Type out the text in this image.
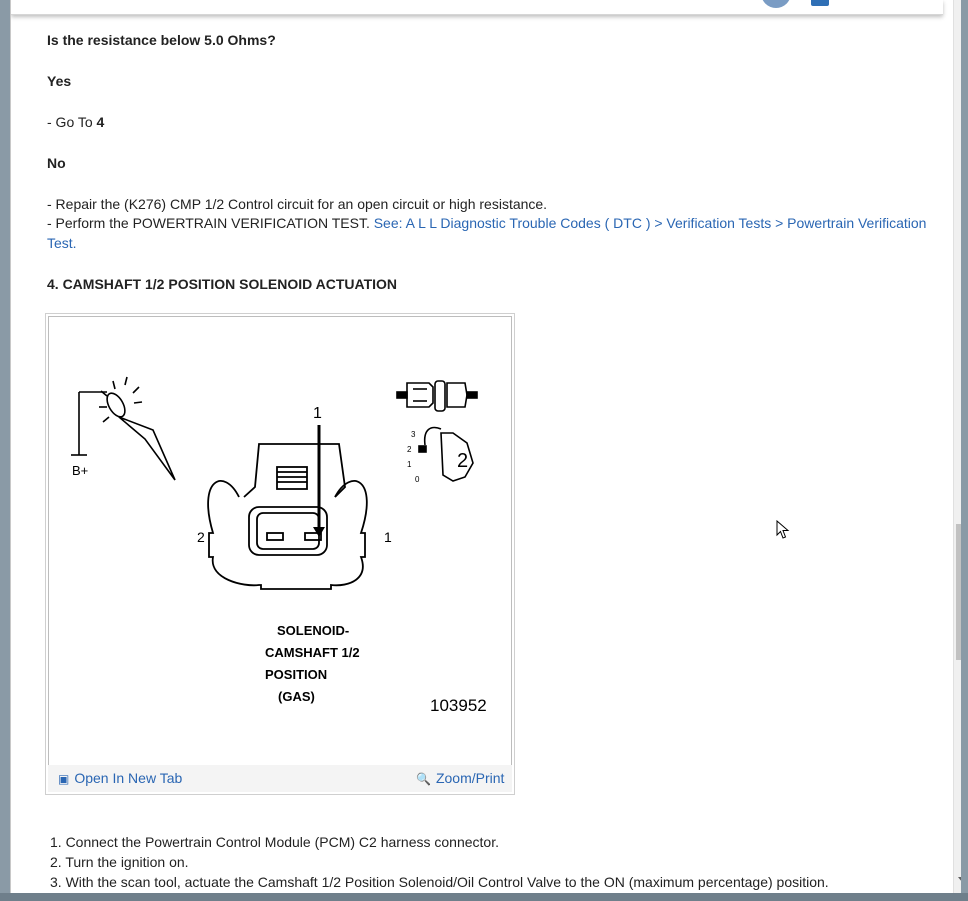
Is the resistance below 5.0 Ohms?
Yes
- Go To 4
No
- Repair the (K276) CMP 1/2 Control circuit for an open circuit or high resistance.
- Perform the POWERTRAIN VERIFICATION TEST. See: A L L Diagnostic Trouble Codes ( DTC ) > Verification Tests > Powertrain Verification Test.
4. CAMSHAFT 1/2 POSITION SOLENOID ACTUATION
B+
1
2	1
2
3
2
1
0
SOLENOID-
CAMSHAFT 1/2
POSITION
(GAS)	103952
▣ Open In New Tab	🔍 Zoom/Print
1. Connect the Powertrain Control Module (PCM) C2 harness connector.
2. Turn the ignition on.
3. With the scan tool, actuate the Camshaft 1/2 Position Solenoid/Oil Control Valve to the ON (maximum percentage) position.
